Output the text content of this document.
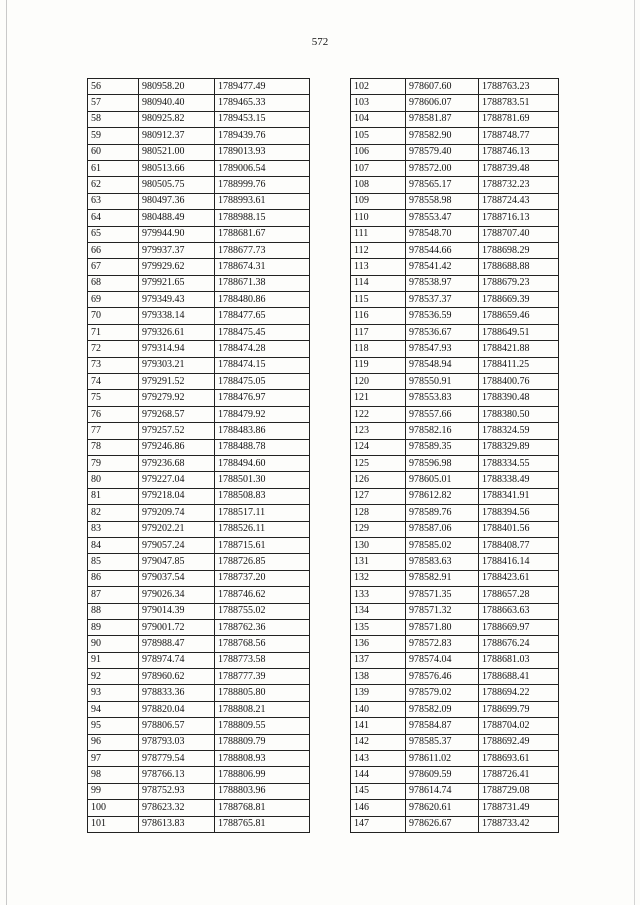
572
56	980958.20	1789477.49
57	980940.40	1789465.33
58	980925.82	1789453.15
59	980912.37	1789439.76
60	980521.00	1789013.93
61	980513.66	1789006.54
62	980505.75	1788999.76
63	980497.36	1788993.61
64	980488.49	1788988.15
65	979944.90	1788681.67
66	979937.37	1788677.73
67	979929.62	1788674.31
68	979921.65	1788671.38
69	979349.43	1788480.86
70	979338.14	1788477.65
71	979326.61	1788475.45
72	979314.94	1788474.28
73	979303.21	1788474.15
74	979291.52	1788475.05
75	979279.92	1788476.97
76	979268.57	1788479.92
77	979257.52	1788483.86
78	979246.86	1788488.78
79	979236.68	1788494.60
80	979227.04	1788501.30
81	979218.04	1788508.83
82	979209.74	1788517.11
83	979202.21	1788526.11
84	979057.24	1788715.61
85	979047.85	1788726.85
86	979037.54	1788737.20
87	979026.34	1788746.62
88	979014.39	1788755.02
89	979001.72	1788762.36
90	978988.47	1788768.56
91	978974.74	1788773.58
92	978960.62	1788777.39
93	978833.36	1788805.80
94	978820.04	1788808.21
95	978806.57	1788809.55
96	978793.03	1788809.79
97	978779.54	1788808.93
98	978766.13	1788806.99
99	978752.93	1788803.96
100	978623.32	1788768.81
101	978613.83	1788765.81
102	978607.60	1788763.23
103	978606.07	1788783.51
104	978581.87	1788781.69
105	978582.90	1788748.77
106	978579.40	1788746.13
107	978572.00	1788739.48
108	978565.17	1788732.23
109	978558.98	1788724.43
110	978553.47	1788716.13
111	978548.70	1788707.40
112	978544.66	1788698.29
113	978541.42	1788688.88
114	978538.97	1788679.23
115	978537.37	1788669.39
116	978536.59	1788659.46
117	978536.67	1788649.51
118	978547.93	1788421.88
119	978548.94	1788411.25
120	978550.91	1788400.76
121	978553.83	1788390.48
122	978557.66	1788380.50
123	978582.16	1788324.59
124	978589.35	1788329.89
125	978596.98	1788334.55
126	978605.01	1788338.49
127	978612.82	1788341.91
128	978589.76	1788394.56
129	978587.06	1788401.56
130	978585.02	1788408.77
131	978583.63	1788416.14
132	978582.91	1788423.61
133	978571.35	1788657.28
134	978571.32	1788663.63
135	978571.80	1788669.97
136	978572.83	1788676.24
137	978574.04	1788681.03
138	978576.46	1788688.41
139	978579.02	1788694.22
140	978582.09	1788699.79
141	978584.87	1788704.02
142	978585.37	1788692.49
143	978611.02	1788693.61
144	978609.59	1788726.41
145	978614.74	1788729.08
146	978620.61	1788731.49
147	978626.67	1788733.42
